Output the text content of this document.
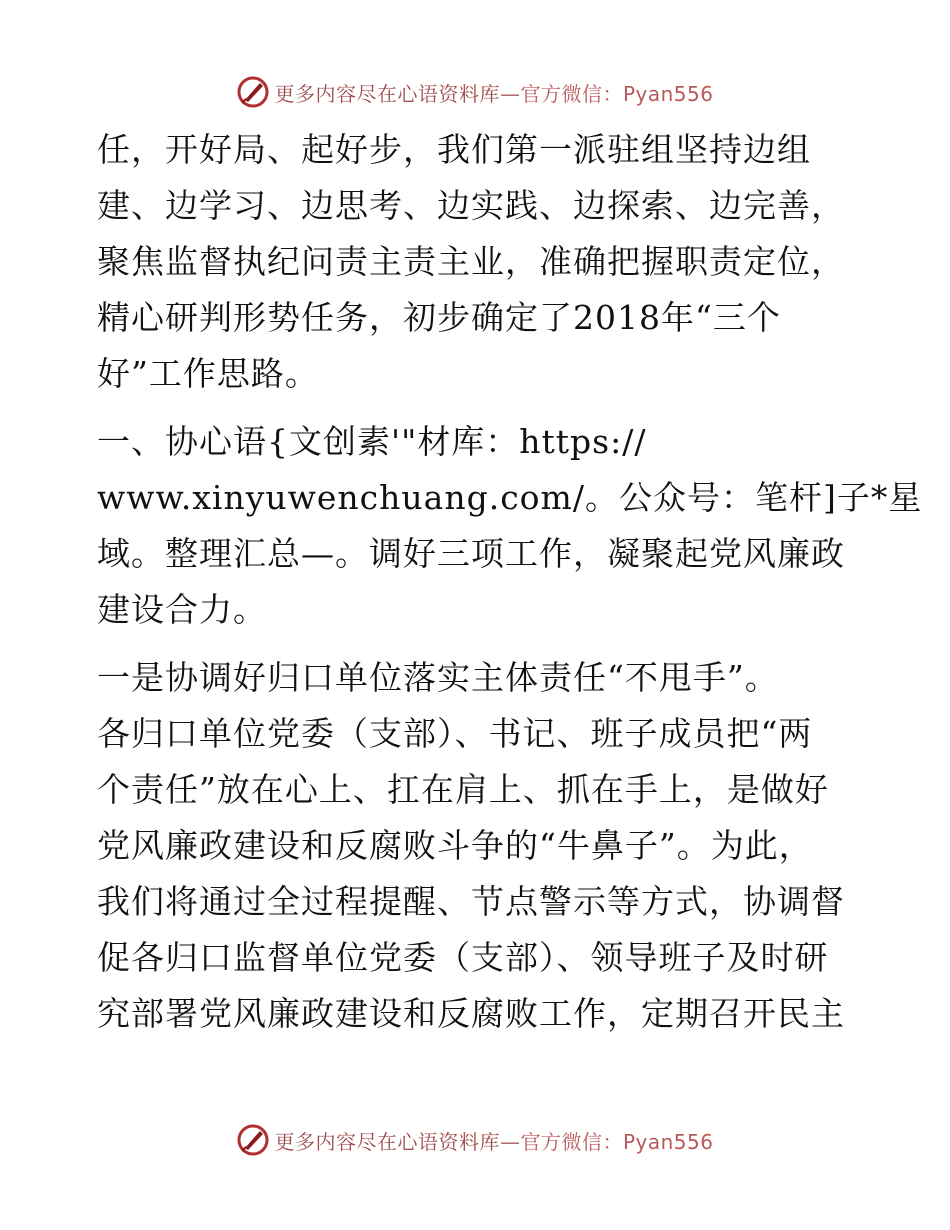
更多内容尽在心语资料库—官方微信：Pyan556
任，开好局、起好步，我们第一派驻组坚持边组
建、边学习、边思考、边实践、边探索、边完善，
聚焦监督执纪问责主责主业，准确把握职责定位，
精心研判形势任务，初步确定了2018年“三个
好”工作思路。
一、协心语{文创素'"材库：https://
www.xinyuwenchuang.com/。公众号：笔杆]子*星
域。整理汇总—。调好三项工作，凝聚起党风廉政
建设合力。
一是协调好归口单位落实主体责任“不甩手”。
各归口单位党委（支部）、书记、班子成员把“两
个责任”放在心上、扛在肩上、抓在手上，是做好
党风廉政建设和反腐败斗争的“牛鼻子”。为此，
我们将通过全过程提醒、节点警示等方式，协调督
促各归口监督单位党委（支部）、领导班子及时研
究部署党风廉政建设和反腐败工作，定期召开民主
更多内容尽在心语资料库—官方微信：Pyan556
